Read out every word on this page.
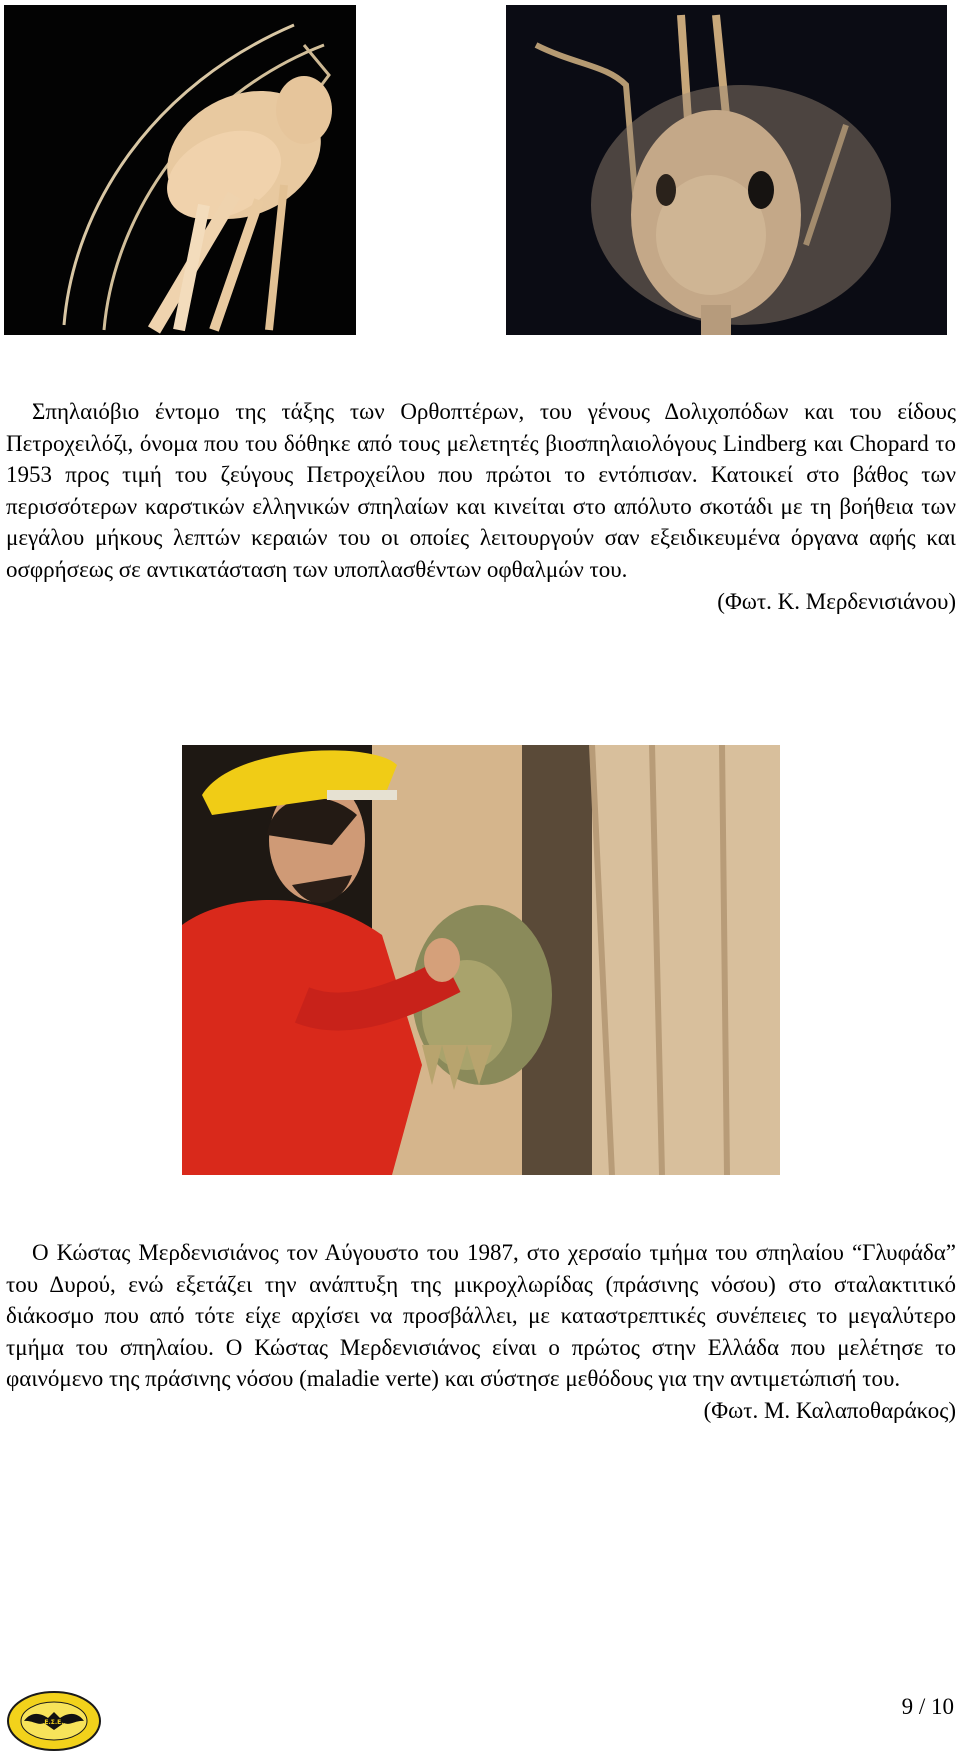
Σπηλαιόβιο έντομο της τάξης των Ορθοπτέρων, του γένους Δολιχοπόδων και του είδους Πετροχειλόζι, όνομα που του δόθηκε από τους μελετητές βιοσπηλαιολόγους Lindberg και Chopard το 1953 προς τιμή του ζεύγους Πετροχείλου που πρώτοι το εντόπισαν. Κατοικεί στο βάθος των περισσότερων καρστικών ελληνικών σπηλαίων και κινείται στο απόλυτο σκοτάδι με τη βοήθεια των μεγάλου μήκους λεπτών κεραιών του οι οποίες λειτουργούν σαν εξειδικευμένα όργανα αφής και οσφρήσεως σε αντικατάσταση των υποπλασθέντων οφθαλμών του.

(Φωτ. Κ. Μερδενισιάνου)

Ο Κώστας Μερδενισιάνος τον Αύγουστο του 1987, στο χερσαίο τμήμα του σπηλαίου “Γλυφάδα” του Δυρού, ενώ εξετάζει την ανάπτυξη της μικροχλωρίδας (πράσινης νόσου) στο σταλακτιτικό διάκοσμο που από τότε είχε αρχίσει να προσβάλλει, με καταστρεπτικές συνέπειες το μεγαλύτερο τμήμα του σπηλαίου. Ο Κώστας Μερδενισιάνος είναι ο πρώτος στην Ελλάδα που μελέτησε το φαινόμενο της πράσινης νόσου (maladie verte) και σύστησε μεθόδους για την αντιμετώπισή του.

(Φωτ. Μ. Καλαποθαράκος)
Ε.Σ.Ε.
9 / 10
